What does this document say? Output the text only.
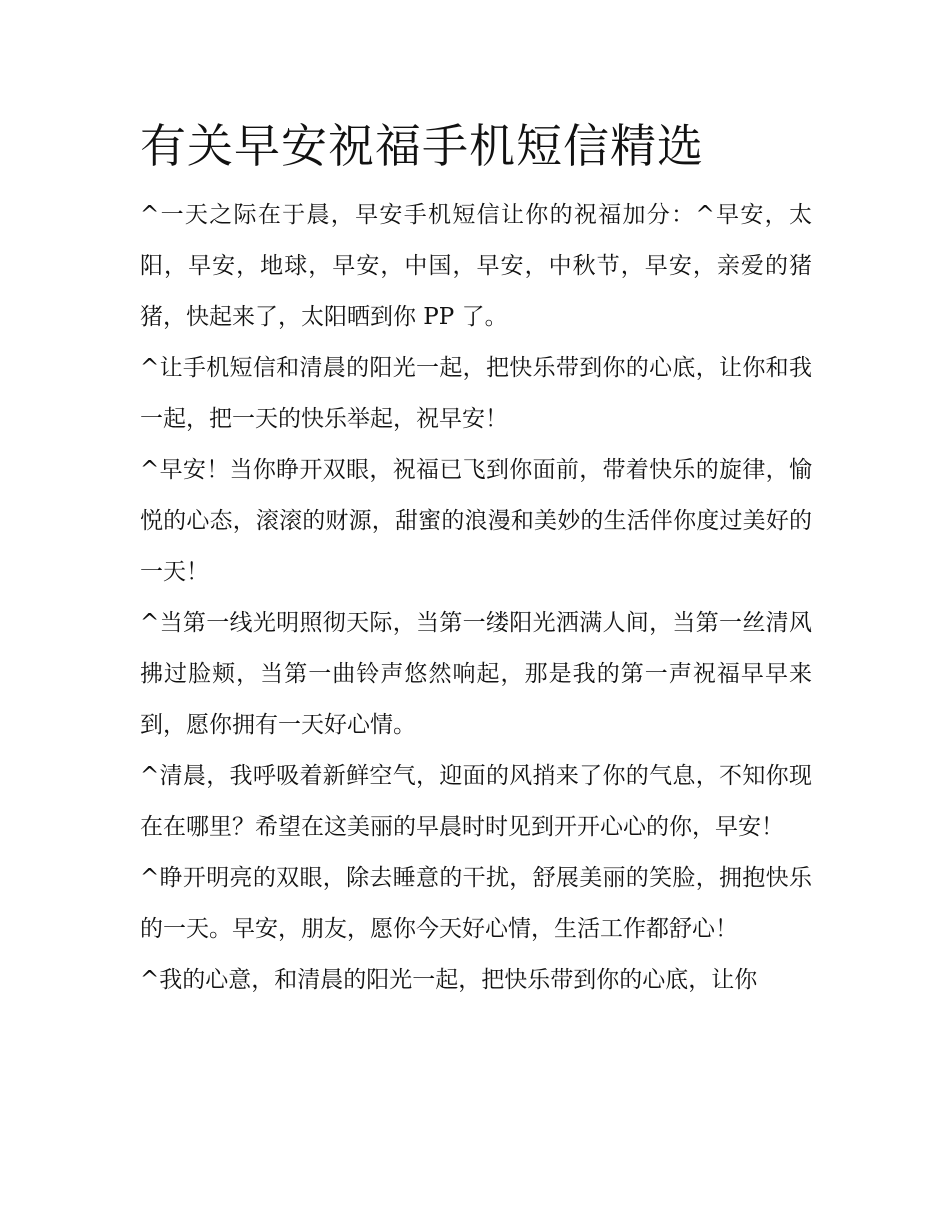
有关早安祝福手机短信精选

^一天之际在于晨，早安手机短信让你的祝福加分：^早安，太阳，早安，地球，早安，中国，早安，中秋节，早安，亲爱的猪猪，快起来了，太阳晒到你 PP 了。

^让手机短信和清晨的阳光一起，把快乐带到你的心底，让你和我一起，把一天的快乐举起，祝早安！

^早安！当你睁开双眼，祝福已飞到你面前，带着快乐的旋律，愉悦的心态，滚滚的财源，甜蜜的浪漫和美妙的生活伴你度过美好的一天！

^当第一线光明照彻天际，当第一缕阳光洒满人间，当第一丝清风拂过脸颊，当第一曲铃声悠然响起，那是我的第一声祝福早早来到，愿你拥有一天好心情。

^清晨，我呼吸着新鲜空气，迎面的风捎来了你的气息，不知你现在在哪里？希望在这美丽的早晨时时见到开开心心的你，早安！

^睁开明亮的双眼，除去睡意的干扰，舒展美丽的笑脸，拥抱快乐的一天。早安，朋友，愿你今天好心情，生活工作都舒心！

^我的心意，和清晨的阳光一起，把快乐带到你的心底，让你
